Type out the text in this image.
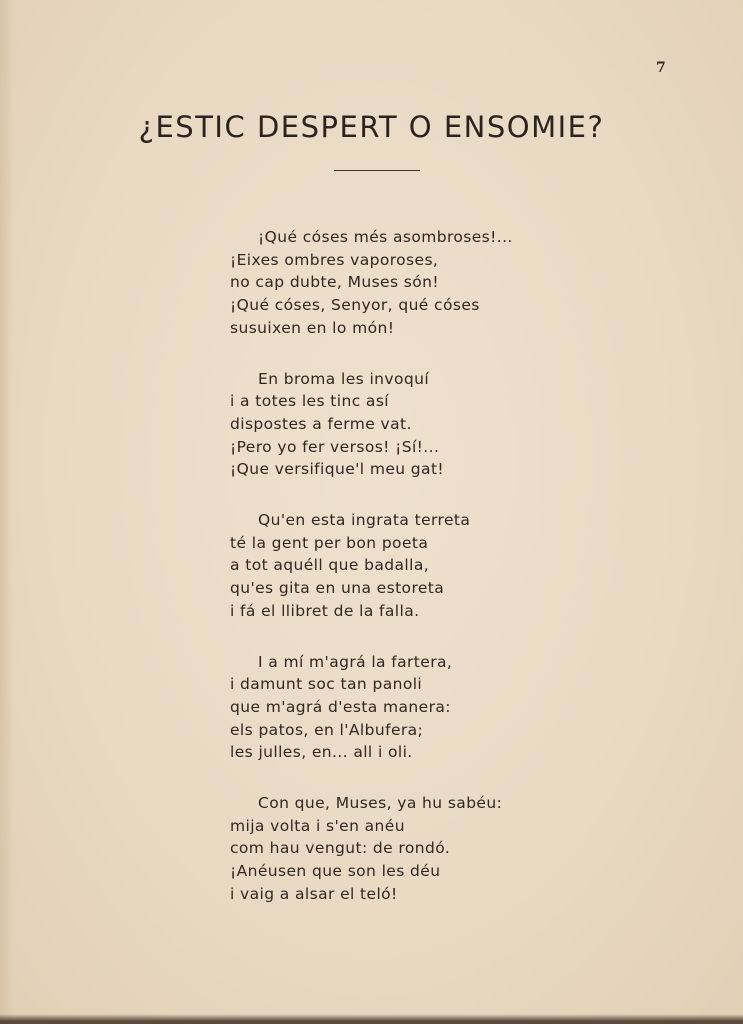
7
¿ESTIC DESPERT O ENSOMIE?
¡Qué cóses més asombroses!...
¡Eixes ombres vaporoses,
no cap dubte, Muses són!
¡Qué cóses, Senyor, qué cóses
susuixen en lo món!
En broma les invoquí
i a totes les tinc así
dispostes a ferme vat.
¡Pero yo fer versos! ¡Sí!...
¡Que versifique'l meu gat!
Qu'en esta ingrata terreta
té la gent per bon poeta
a tot aquéll que badalla,
qu'es gita en una estoreta
i fá el llibret de la falla.
I a mí m'agrá la fartera,
i damunt soc tan panoli
que m'agrá d'esta manera:
els patos, en l'Albufera;
les julles, en... all i oli.
Con que, Muses, ya hu sabéu:
mija volta i s'en anéu
com hau vengut: de rondó.
¡Anéusen que son les déu
i vaig a alsar el teló!
